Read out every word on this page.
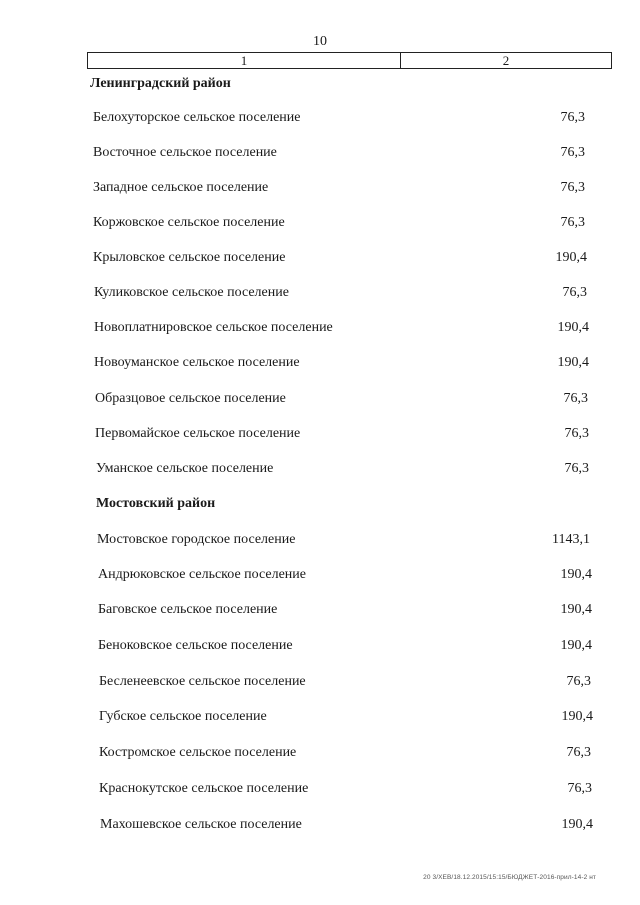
10
1	2
Ленинградский район
Белохуторское сельское поселение	76,3
Восточное сельское поселение	76,3
Западное сельское поселение	76,3
Коржовское сельское поселение	76,3
Крыловское сельское поселение	190,4
Куликовское сельское поселение	76,3
Новоплатнировское сельское поселение	190,4
Новоуманское сельское поселение	190,4
Образцовое сельское поселение	76,3
Первомайское сельское поселение	76,3
Уманское сельское поселение	76,3
Мостовский район
Мостовское городское поселение	1143,1
Андрюковское сельское поселение	190,4
Баговское сельское поселение	190,4
Беноковское сельское поселение	190,4
Бесленеевское сельское поселение	76,3
Губское сельское поселение	190,4
Костромское сельское поселение	76,3
Краснокутское сельское поселение	76,3
Махошевское сельское поселение	190,4
20 3/ХЕВ/18.12.2015/15:15/БЮДЖЕТ-2016-прил-14-2 нт
